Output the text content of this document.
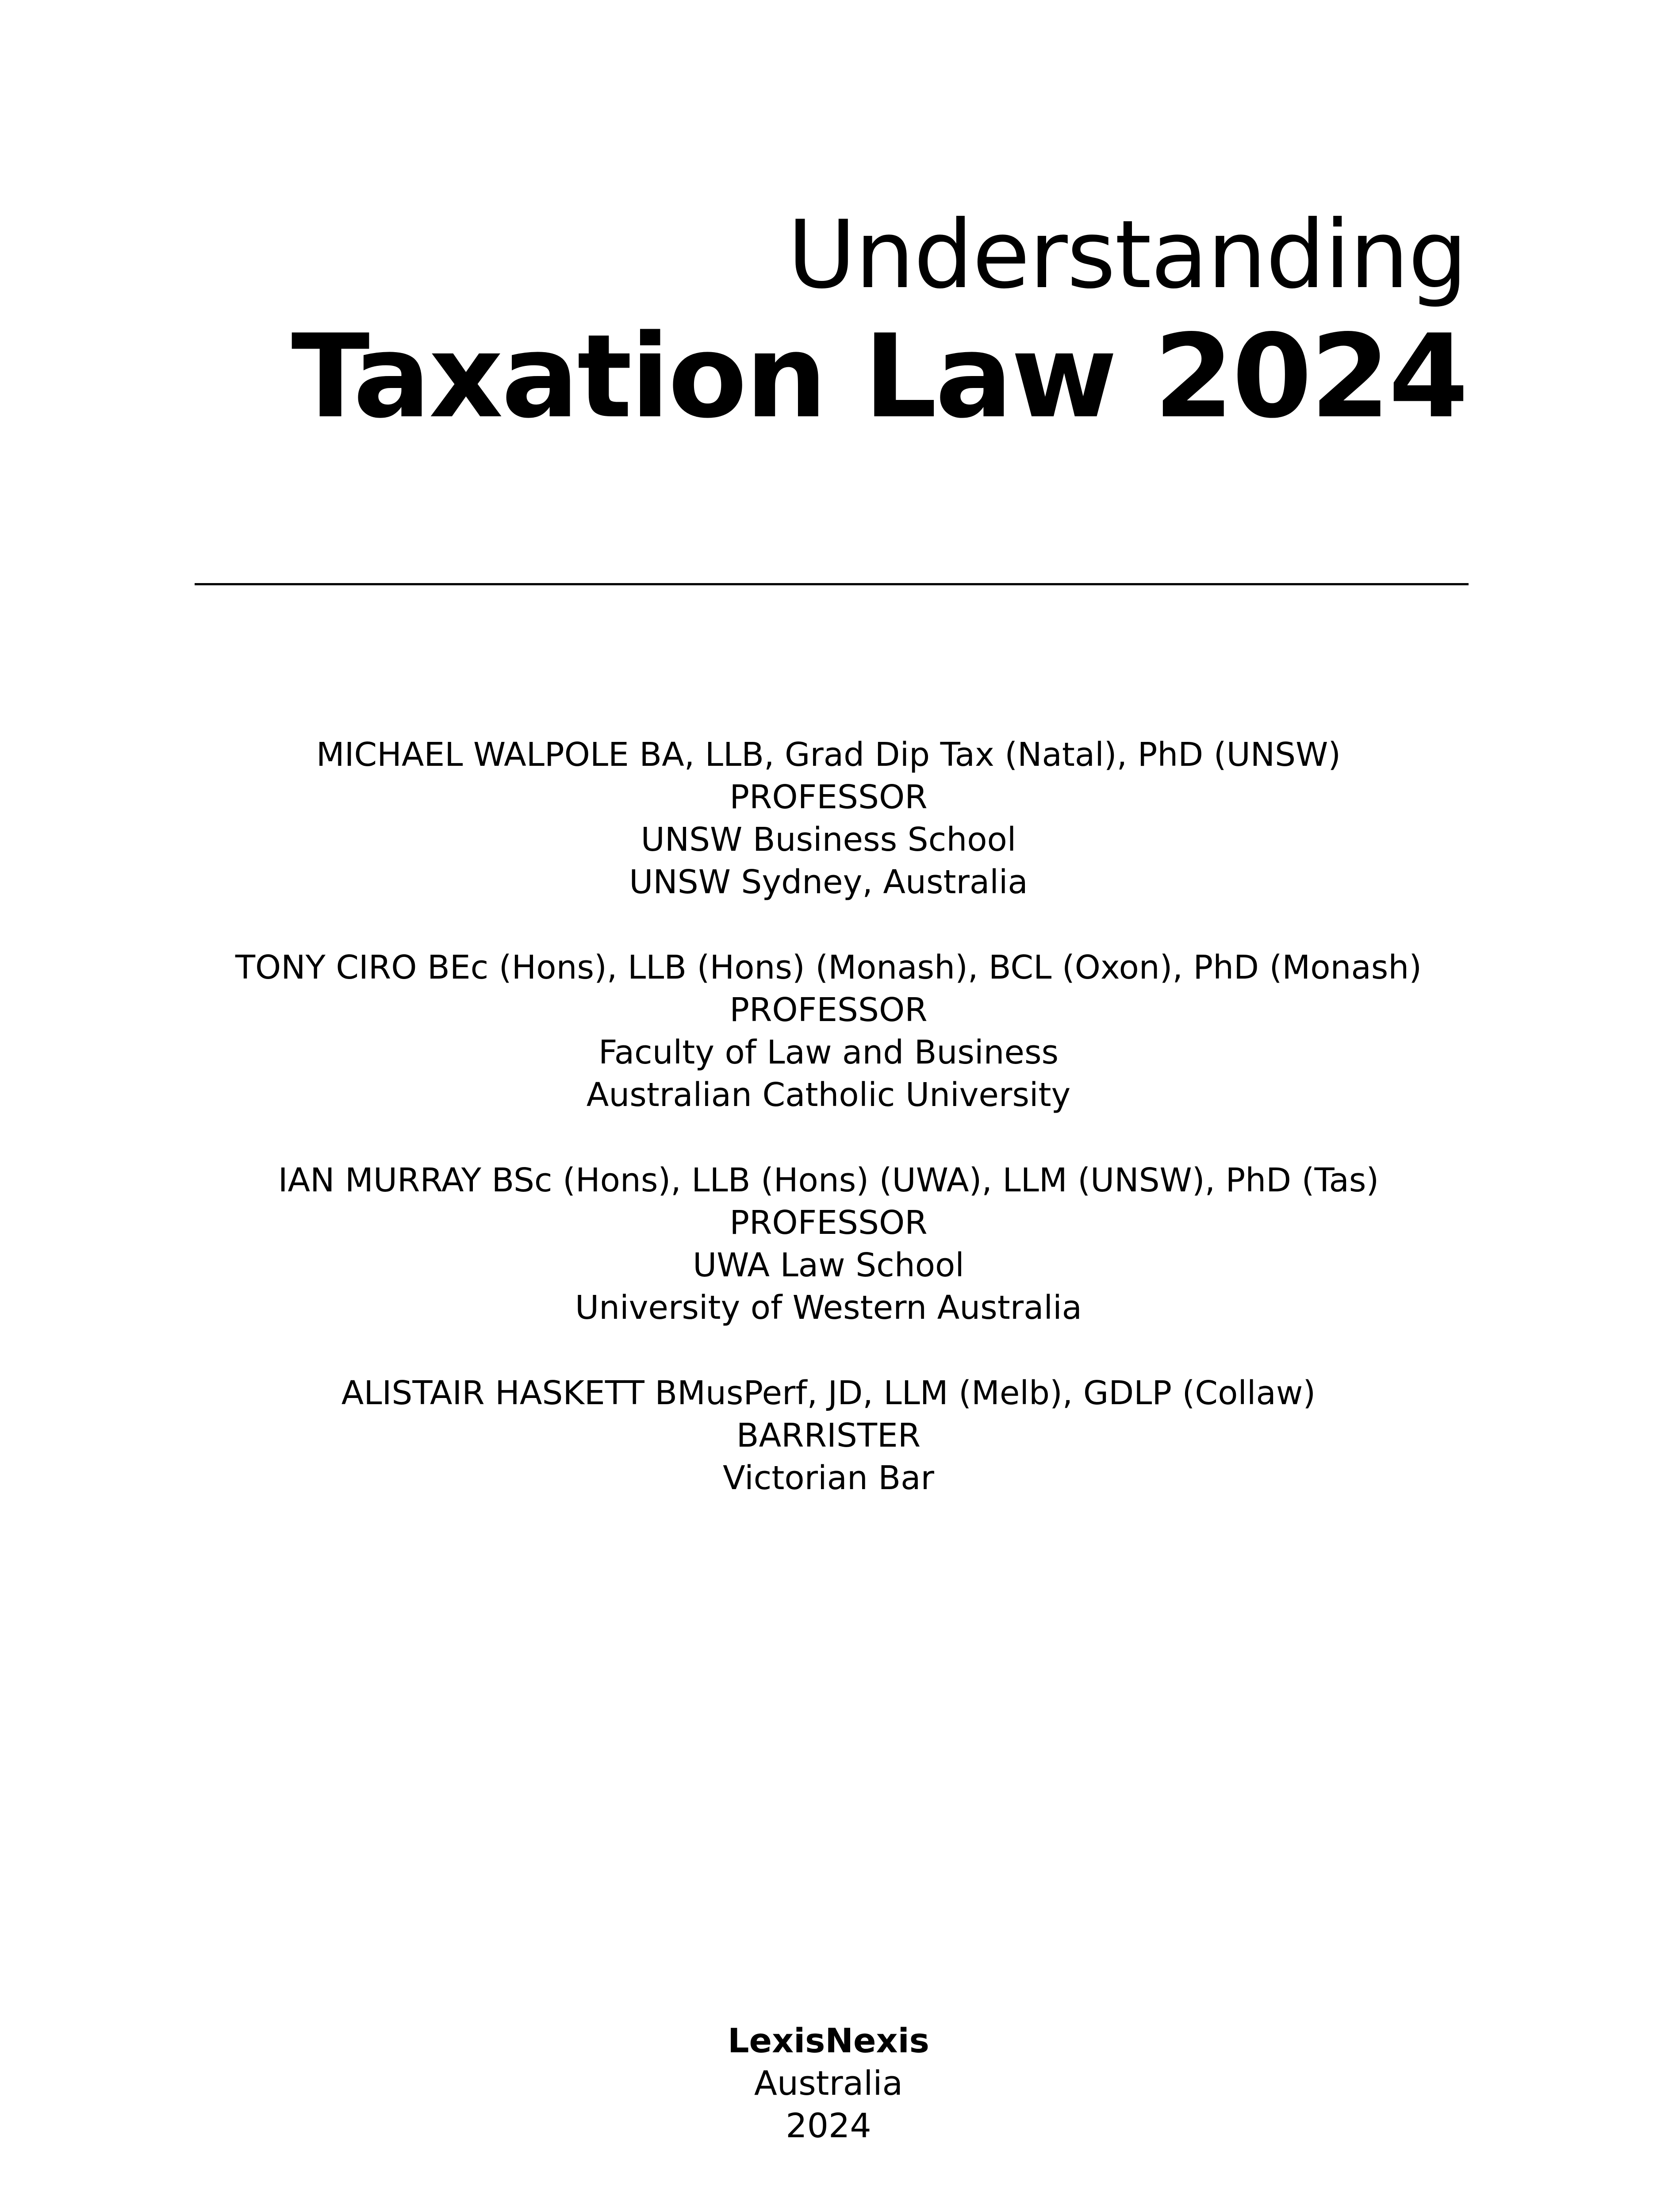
Understanding
Taxation Law 2024
MICHAEL WALPOLE BA, LLB, Grad Dip Tax (Natal), PhD (UNSW)
PROFESSOR
UNSW Business School
UNSW Sydney, Australia
TONY CIRO BEc (Hons), LLB (Hons) (Monash), BCL (Oxon), PhD (Monash)
PROFESSOR
Faculty of Law and Business
Australian Catholic University
IAN MURRAY BSc (Hons), LLB (Hons) (UWA), LLM (UNSW), PhD (Tas)
PROFESSOR
UWA Law School
University of Western Australia
ALISTAIR HASKETT BMusPerf, JD, LLM (Melb), GDLP (Collaw)
BARRISTER
Victorian Bar
LexisNexis
Australia
2024
